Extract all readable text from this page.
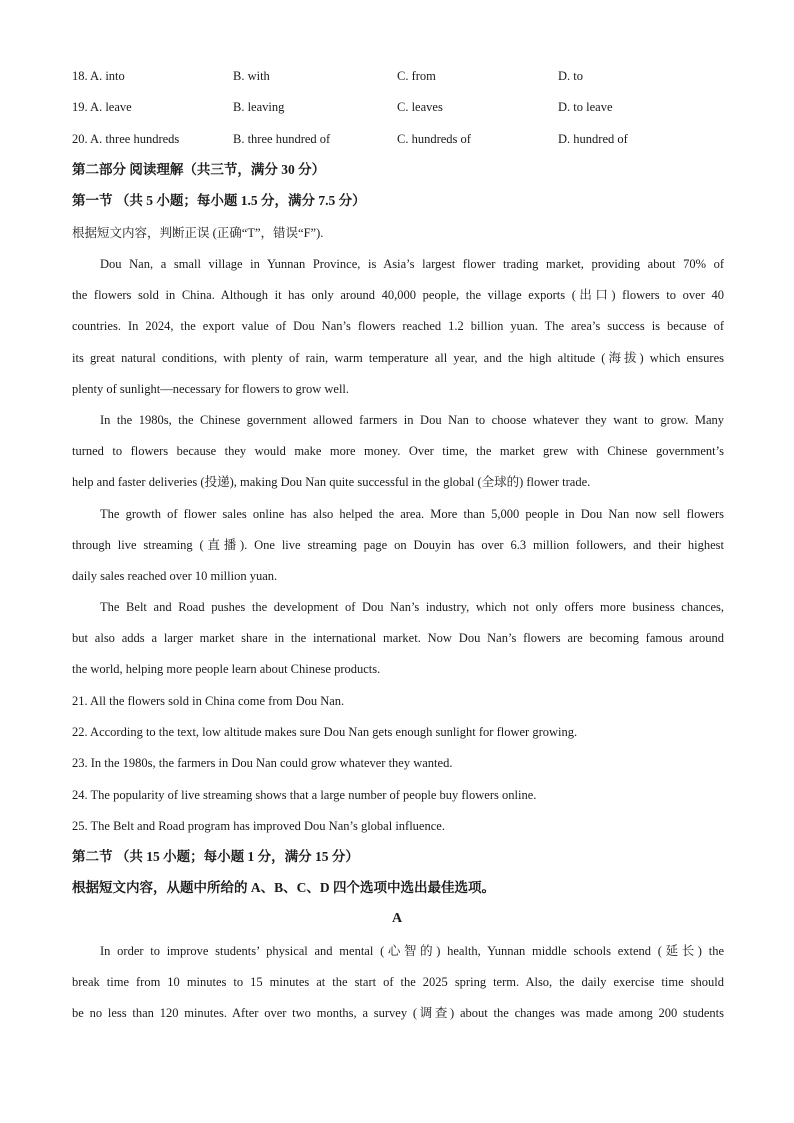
18. A. into	B. with	C. from	D. to
19. A. leave	B. leaving	C. leaves	D. to leave
20. A. three hundreds	B. three hundred of	C. hundreds of	D. hundred of
第二部分 阅读理解（共三节，满分 30 分）
第一节 （共 5 小题；每小题 1.5 分，满分 7.5 分）
根据短文内容，判断正误 (正确“T”，错误“F”).
Dou Nan, a small village in Yunnan Province, is Asia’s largest flower trading market, providing about 70% of
the flowers sold in China. Although it has only around 40,000 people, the village exports (出口) flowers to over 40
countries. In 2024, the export value of Dou Nan’s flowers reached 1.2 billion yuan. The area’s success is because of
its great natural conditions, with plenty of rain, warm temperature all year, and the high altitude (海拔) which ensures
plenty of sunlight—necessary for flowers to grow well.
In the 1980s, the Chinese government allowed farmers in Dou Nan to choose whatever they want to grow. Many
turned to flowers because they would make more money. Over time, the market grew with Chinese government’s
help and faster deliveries (投递), making Dou Nan quite successful in the global (全球的) flower trade.
The growth of flower sales online has also helped the area. More than 5,000 people in Dou Nan now sell flowers
through live streaming (直播). One live streaming page on Douyin has over 6.3 million followers, and their highest
daily sales reached over 10 million yuan.
The Belt and Road pushes the development of Dou Nan’s industry, which not only offers more business chances,
but also adds a larger market share in the international market. Now Dou Nan’s flowers are becoming famous around
the world, helping more people learn about Chinese products.
21. All the flowers sold in China come from Dou Nan.
22. According to the text, low altitude makes sure Dou Nan gets enough sunlight for flower growing.
23. In the 1980s, the farmers in Dou Nan could grow whatever they wanted.
24. The popularity of live streaming shows that a large number of people buy flowers online.
25. The Belt and Road program has improved Dou Nan’s global influence.
第二节 （共 15 小题；每小题 1 分，满分 15 分）
根据短文内容，从题中所给的 A、B、C、D 四个选项中选出最佳选项。
A
In order to improve students’ physical and mental (心智的) health, Yunnan middle schools extend (延长) the
break time from 10 minutes to 15 minutes at the start of the 2025 spring term. Also, the daily exercise time should
be no less than 120 minutes. After over two months, a survey (调查) about the changes was made among 200 students
